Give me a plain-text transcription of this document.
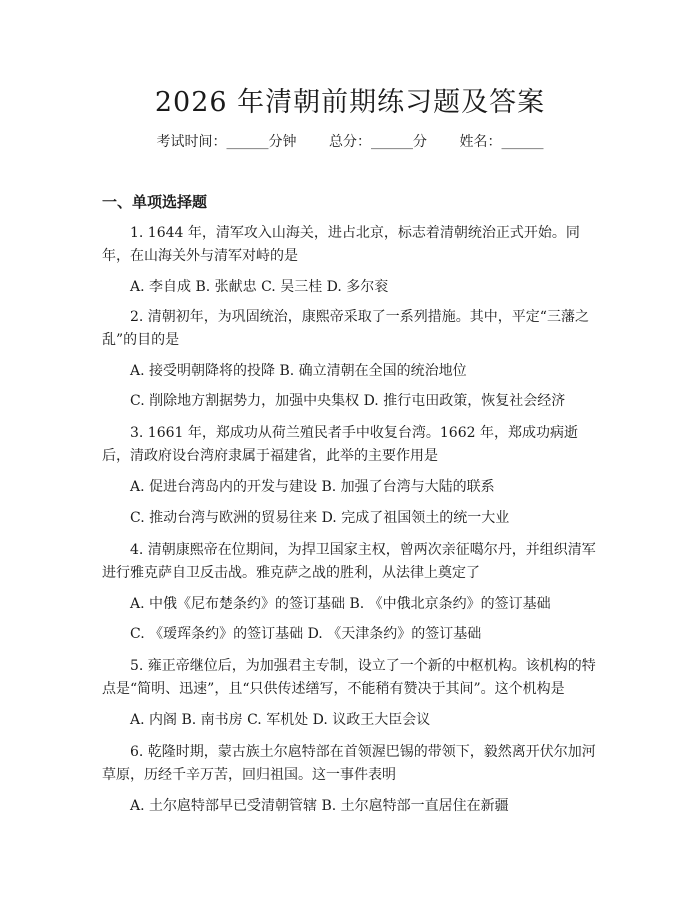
2026 年清朝前期练习题及答案
考试时间：______分钟 总分：______分 姓名：______
一、单项选择题

1. 1644 年，清军攻入山海关，进占北京，标志着清朝统治正式开始。同年，在山海关外与清军对峙的是

A. 李自成 B. 张献忠 C. 吴三桂 D. 多尔衮

2. 清朝初年，为巩固统治，康熙帝采取了一系列措施。其中，平定“三藩之乱”的目的是

A. 接受明朝降将的投降 B. 确立清朝在全国的统治地位

C. 削除地方割据势力，加强中央集权 D. 推行屯田政策，恢复社会经济

3. 1661 年，郑成功从荷兰殖民者手中收复台湾。1662 年，郑成功病逝后，清政府设台湾府隶属于福建省，此举的主要作用是

A. 促进台湾岛内的开发与建设 B. 加强了台湾与大陆的联系

C. 推动台湾与欧洲的贸易往来 D. 完成了祖国领土的统一大业

4. 清朝康熙帝在位期间，为捍卫国家主权，曾两次亲征噶尔丹，并组织清军进行雅克萨自卫反击战。雅克萨之战的胜利，从法律上奠定了

A. 中俄《尼布楚条约》的签订基础 B. 《中俄北京条约》的签订基础

C. 《瑷珲条约》的签订基础 D. 《天津条约》的签订基础

5. 雍正帝继位后，为加强君主专制，设立了一个新的中枢机构。该机构的特点是“简明、迅速”，且“只供传述缮写，不能稍有赞决于其间”。这个机构是

A. 内阁 B. 南书房 C. 军机处 D. 议政王大臣会议

6. 乾隆时期，蒙古族土尔扈特部在首领渥巴锡的带领下，毅然离开伏尔加河草原，历经千辛万苦，回归祖国。这一事件表明

A. 土尔扈特部早已受清朝管辖 B. 土尔扈特部一直居住在新疆
